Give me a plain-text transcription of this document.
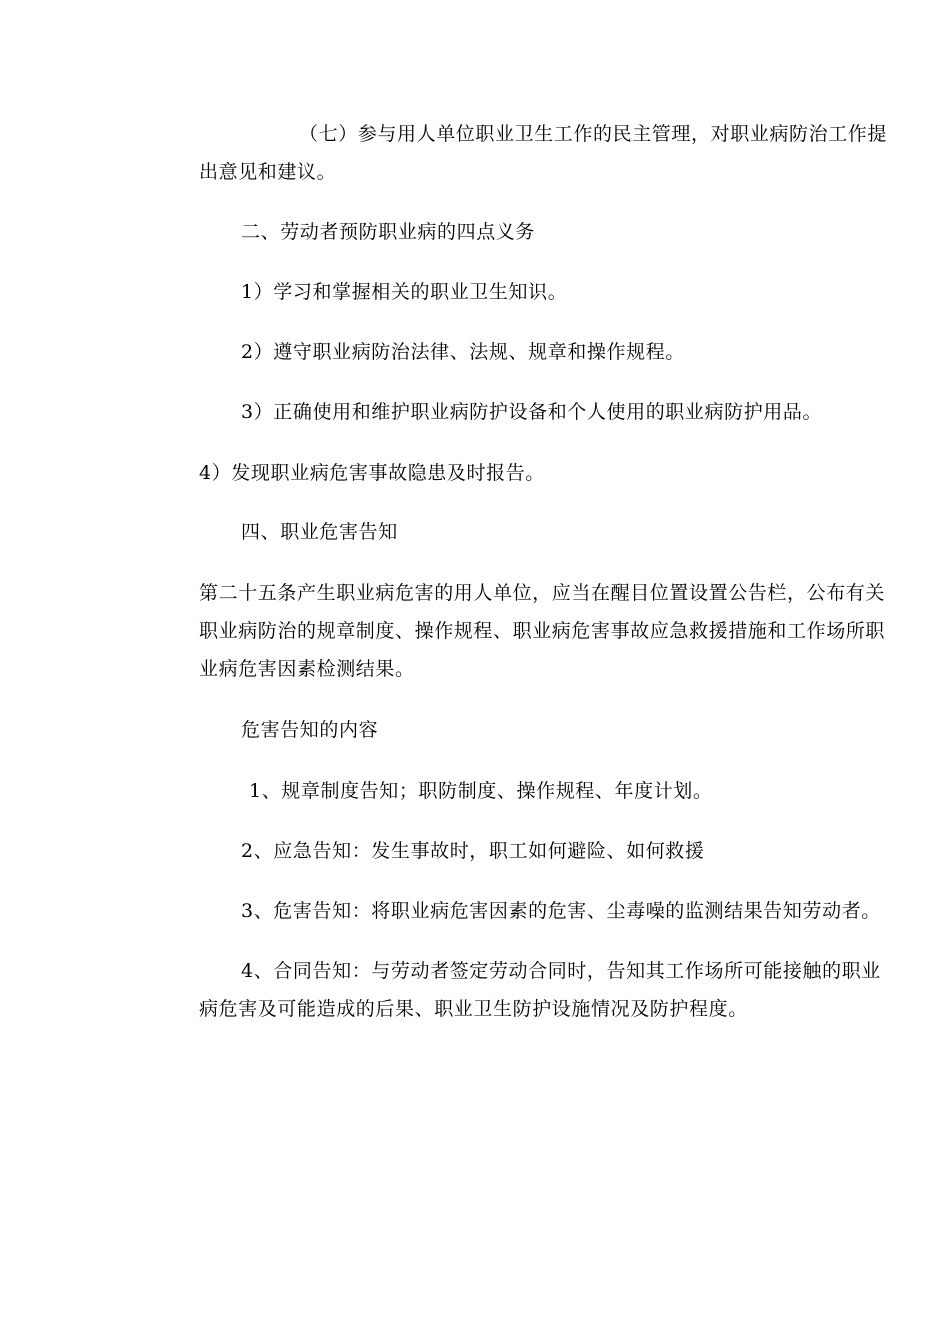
（七）参与用人单位职业卫生工作的民主管理，对职业病防治工作提出意见和建议。

二、劳动者预防职业病的四点义务

1）学习和掌握相关的职业卫生知识。

2）遵守职业病防治法律、法规、规章和操作规程。

3）正确使用和维护职业病防护设备和个人使用的职业病防护用品。

4）发现职业病危害事故隐患及时报告。

四、职业危害告知

第二十五条产生职业病危害的用人单位，应当在醒目位置设置公告栏，公布有关职业病防治的规章制度、操作规程、职业病危害事故应急救援措施和工作场所职业病危害因素检测结果。

危害告知的内容

1、规章制度告知；职防制度、操作规程、年度计划。

2、应急告知：发生事故时，职工如何避险、如何救援

3、危害告知：将职业病危害因素的危害、尘毒噪的监测结果告知劳动者。

4、合同告知：与劳动者签定劳动合同时，告知其工作场所可能接触的职业病危害及可能造成的后果、职业卫生防护设施情况及防护程度。
